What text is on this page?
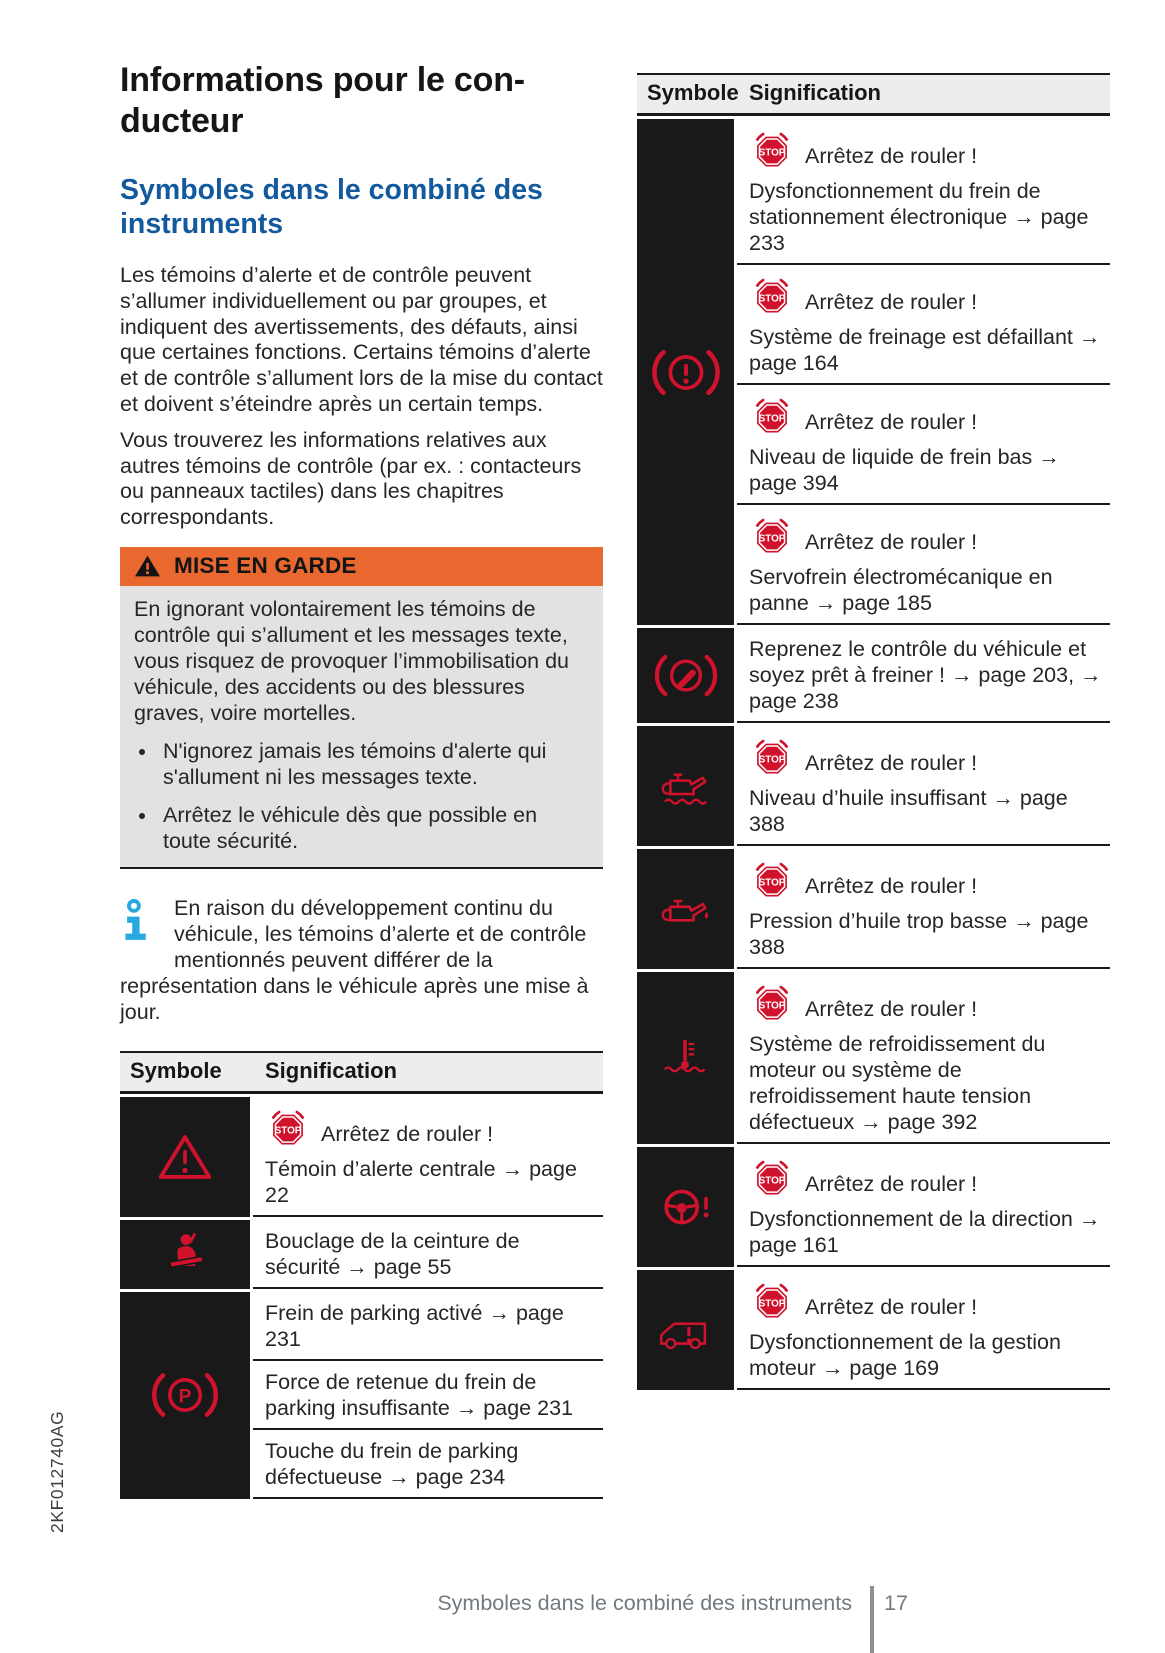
Informations pour le con-
ducteur
Symboles dans le combiné des instruments

Les témoins d’alerte et de contrôle peuvent s’allumer individuellement ou par groupes, et indiquent des avertissements, des défauts, ainsi que certaines fonctions. Certains témoins d’alerte et de contrôle s’allument lors de la mise du contact et doivent s’éteindre après un certain temps.

Vous trouverez les informations relatives aux autres témoins de contrôle (par ex. : contacteurs ou panneaux tactiles) dans les chapitres correspondants.

MISE EN GARDE
En ignorant volontairement les témoins de contrôle qui s’allument et les messages texte, vous risquez de provoquer l’immobilisation du véhicule, des accidents ou des blessures graves, voire mortelles.
• N'ignorez jamais les témoins d'alerte qui s'allument ni les messages texte.
• Arrêtez le véhicule dès que possible en toute sécurité.
En raison du développement continu du véhicule, les témoins d’alerte et de contrôle mentionnés peuvent différer de la représentation dans le véhicule après une mise à jour.
Symbole	Signification
Arrêtez de rouler !
Témoin d’alerte centrale → page 22
Bouclage de la ceinture de sécurité → page 55
Frein de parking activé → page 231
Force de retenue du frein de parking insuffisante → page 231
Touche du frein de parking défectueuse → page 234
Symbole Signification
Arrêtez de rouler !
Dysfonctionnement du frein de stationnement électronique → page 233
Arrêtez de rouler !
Système de freinage est défaillant → page 164
Arrêtez de rouler !
Niveau de liquide de frein bas → page 394
Arrêtez de rouler !
Servofrein électromécanique en panne → page 185
Reprenez le contrôle du véhicule et soyez prêt à freiner ! → page 203, → page 238
Arrêtez de rouler !
Niveau d’huile insuffisant → page 388
Arrêtez de rouler !
Pression d’huile trop basse → page 388
Arrêtez de rouler !
Système de refroidissement du moteur ou système de refroidissement haute tension défectueux → page 392
Arrêtez de rouler !
Dysfonctionnement de la direction → page 161
Arrêtez de rouler !
Dysfonctionnement de la gestion moteur → page 169
Symboles dans le combiné des instruments 17
2KF012740AG
